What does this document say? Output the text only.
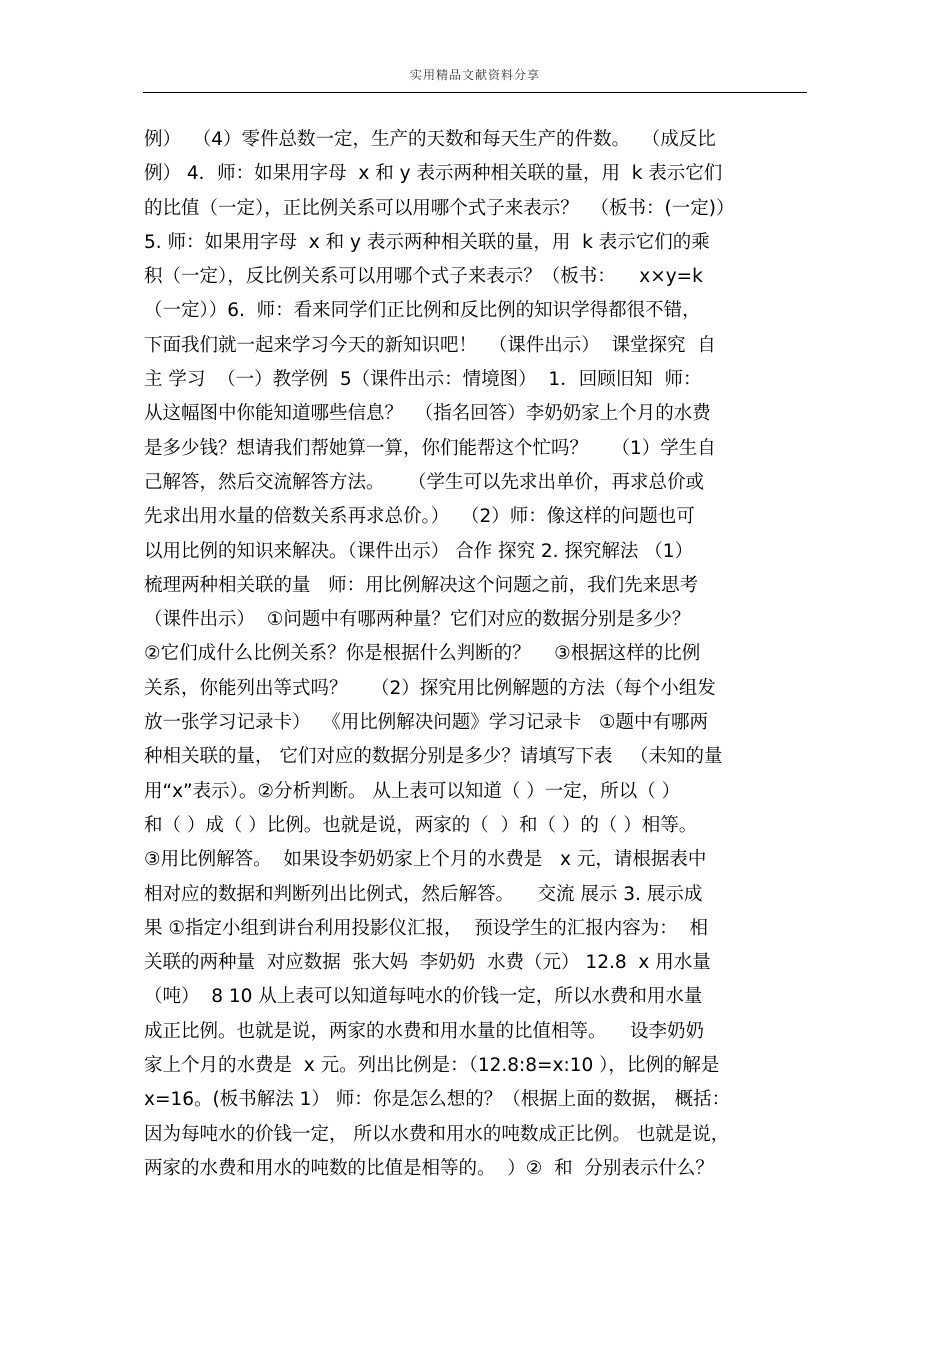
实用精品文献资料分享
例）  （4）零件总数一定，生产的天数和每天生产的件数。  （成反比
例） 4．师：如果用字母  x 和 y 表示两种相关联的量，用  k 表示它们
的比值（一定），正比例关系可以用哪个式子来表示？  （板书：(一定)）
5. 师：如果用字母  x 和 y 表示两种相关联的量，用  k 表示它们的乘
积（一定），反比例关系可以用哪个式子来表示？（板书：    x×y=k
（一定））6.  师：看来同学们正比例和反比例的知识学得都很不错，
下面我们就一起来学习今天的新知识吧！  （课件出示）  课堂探究  自
主 学习  （一）教学例  5（课件出示：情境图）  1．回顾旧知  师：
从这幅图中你能知道哪些信息？  （指名回答）李奶奶家上个月的水费
是多少钱？想请我们帮她算一算，你们能帮这个忙吗？    （1）学生自
己解答，然后交流解答方法。    （学生可以先求出单价，再求总价或
先求出用水量的倍数关系再求总价。）  （2）师：像这样的问题也可
以用比例的知识来解决。（课件出示） 合作 探究 2. 探究解法 （1）
梳理两种相关联的量   师：用比例解决这个问题之前，我们先来思考
（课件出示）  ①问题中有哪两种量？它们对应的数据分别是多少？
②它们成什么比例关系？你是根据什么判断的？    ③根据这样的比例
关系，你能列出等式吗？    （2）探究用比例解题的方法（每个小组发
放一张学习记录卡）  《用比例解决问题》学习记录卡   ①题中有哪两
种相关联的量， 它们对应的数据分别是多少？请填写下表   （未知的量
用“x”表示）。②分析判断。 从上表可以知道（ ）一定，所以（ ）
和（ ）成（ ）比例。也就是说，两家的（  ）和（ ）的（ ）相等。
③用比例解答。  如果设李奶奶家上个月的水费是   x 元，请根据表中
相对应的数据和判断列出比例式，然后解答。    交流 展示 3. 展示成
果 ①指定小组到讲台利用投影仪汇报，  预设学生的汇报内容为：  相
关联的两种量  对应数据  张大妈  李奶奶  水费（元） 12.8  x 用水量
（吨）  8 10 从上表可以知道每吨水的价钱一定，所以水费和用水量
成正比例。也就是说，两家的水费和用水量的比值相等。    设李奶奶
家上个月的水费是  x 元。列出比例是：（12.8:8=x:10 ），比例的解是
x=16。(板书解法 1） 师：你是怎么想的？（根据上面的数据， 概括：
因为每吨水的价钱一定， 所以水费和用水的吨数成正比例。 也就是说，
两家的水费和用水的吨数的比值是相等的。  ）②  和  分别表示什么？
